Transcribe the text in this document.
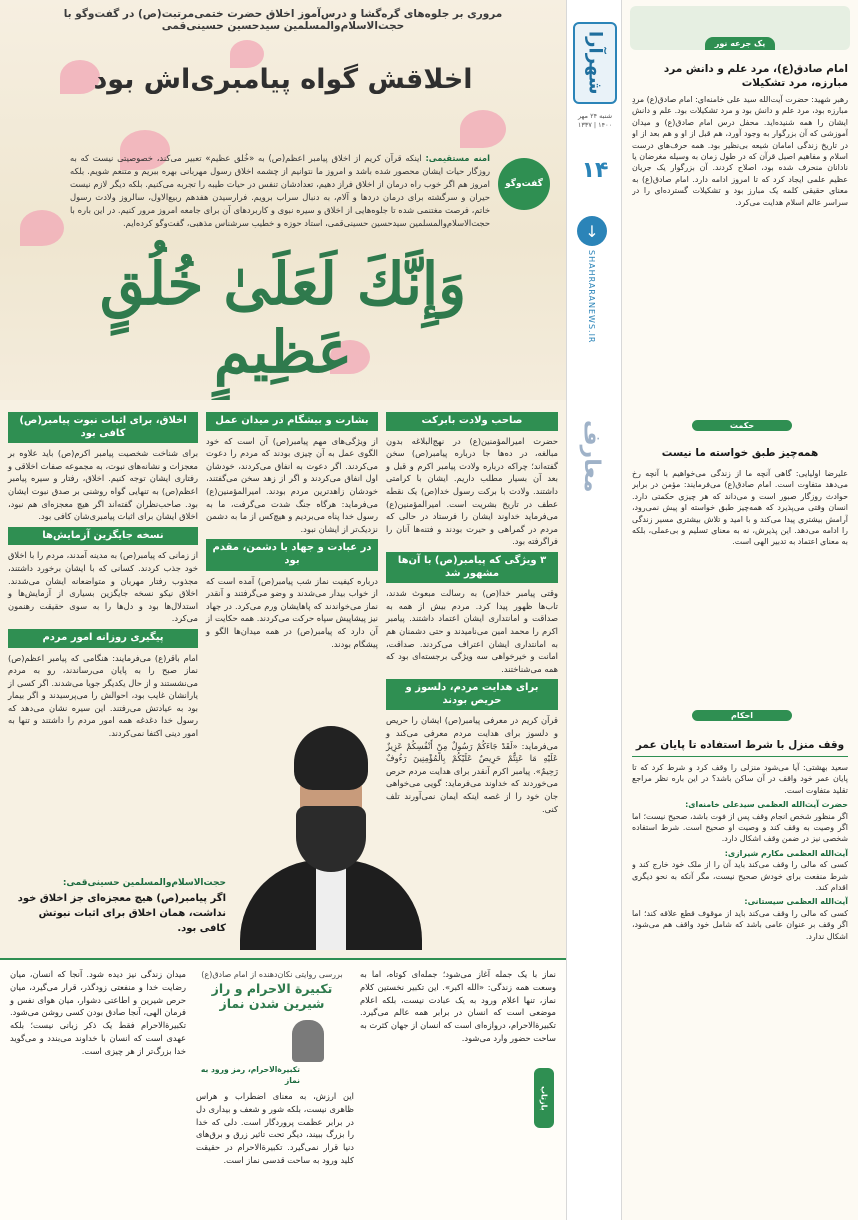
مروری بر جلوه‌های گره‌گشا و درس‌آموز اخلاق حضرت ختمی‌مرتبت(ص) در گفت‌وگو با حجت‌الاسلام‌والمسلمین سیدحسین حسینی‌قمی
اخلاقش گواه پیامبری‌اش بود
گفت‌وگو
امنه مستقیمی: اینکه قرآن کریم از اخلاق پیامبر اعظم(ص) به «خُلق عظیم» تعبیر می‌کند، خصوصیتی نیست که به روزگار حیات ایشان محصور شده باشد و امروز ما نتوانیم از چشمه اخلاق رسول مهربانی بهره ببریم و متنعم شویم. بلکه امروز هم اگر خوب راه درمان از اخلاق فراز دهیم، تعدادشان تنفس در حیات طیبه را تجربه می‌کنیم. بلکه دیگر لازم نیست حیران و سرگشته برای درمان دردها و آلام، به دنبال سراب برویم. فرارسیدن هفدهم ربیع‌الاول، سالروز ولادت رسول خاتم، فرصت مغتنمی شده تا جلوه‌هایی از اخلاق و سیره نبوی و کاربردهای آن برای جامعه امروز مرور کنیم. در این باره با حجت‌الاسلام‌والمسلمین سیدحسین حسینی‌قمی، استاد حوزه و خطیب سرشناس مذهبی، گفت‌وگو کرده‌ایم.
وَإِنَّكَ لَعَلَىٰ خُلُقٍ عَظِيمٍ
صاحب ولادت بابرکت

حضرت امیرالمؤمنین(ع) در نهج‌البلاغه بدون مبالغه، در ده‌ها جا درباره پیامبر(ص) سخن گفته‌اند؛ چراکه درباره ولادت پیامبر اکرم و قبل و بعد آن بسیار مطلب داریم. ایشان با کرامتی داشتند. ولادت با برکت رسول خدا(ص) یک نقطه عطف در تاریخ بشریت است. امیرالمؤمنین(ع) می‌فرماید خداوند ایشان را فرستاد در حالی که مردم در گمراهی و حیرت بودند و فتنه‌ها آنان را فراگرفته بود.

۳ ویژگی که پیامبر(ص) با آن‌ها مشهور شد

وقتی پیامبر خدا(ص) به رسالت مبعوث شدند، تاب‌ها ظهور پیدا کرد. مردم بیش از همه به صداقت و امانتداری ایشان اعتماد داشتند. پیامبر اکرم را محمد امین می‌نامیدند و حتی دشمنان هم به امانتداری ایشان اعتراف می‌کردند. صداقت، امانت و خیرخواهی سه ویژگی برجسته‌ای بود که همه می‌شناختند.

برای هدایت مردم، دلسوز و حریص بودند

قرآن کریم در معرفی پیامبر(ص) ایشان را حریص و دلسوز برای هدایت مردم معرفی می‌کند و می‌فرماید: «لَقَدْ جَاءَكُمْ رَسُولٌ مِنْ أَنْفُسِكُمْ عَزِيزٌ عَلَيْهِ مَا عَنِتُّمْ حَرِيصٌ عَلَيْكُمْ بِالْمُؤْمِنِينَ رَءُوفٌ رَحِيمٌ». پیامبر اکرم آنقدر برای هدایت مردم حرص می‌خوردند که خداوند می‌فرماید: گویی می‌خواهی جان خود را از غصه اینکه ایمان نمی‌آورند تلف کنی.

بشارت و بیشگام در میدان عمل

از ویژگی‌های مهم پیامبر(ص) آن است که خود الگوی عمل به آن چیزی بودند که مردم را دعوت می‌کردند. اگر دعوت به انفاق می‌کردند، خودشان اول انفاق می‌کردند و اگر از زهد سخن می‌گفتند، خودشان زاهدترین مردم بودند. امیرالمؤمنین(ع) می‌فرماید: هرگاه جنگ شدت می‌گرفت، ما به رسول خدا پناه می‌بردیم و هیچ‌کس از ما به دشمن نزدیک‌تر از ایشان نبود.

در عبادت و جهاد با دشمن، مقدم بود

درباره کیفیت نماز شب پیامبر(ص) آمده است که از خواب بیدار می‌شدند و وضو می‌گرفتند و آنقدر نماز می‌خواندند که پاهایشان ورم می‌کرد. در جهاد نیز پیشاپیش سپاه حرکت می‌کردند. همه حکایت از آن دارد که پیامبر(ص) در همه میدان‌ها الگو و پیشگام بودند.

اخلاق، برای اثبات نبوت پیامبر(ص) کافی بود

برای شناخت شخصیت پیامبر اکرم(ص) باید علاوه بر معجزات و نشانه‌های نبوت، به مجموعه صفات اخلاقی و رفتاری ایشان توجه کنیم. اخلاق، رفتار و سیره پیامبر اعظم(ص) به تنهایی گواه روشنی بر صدق نبوت ایشان بود. صاحب‌نظران گفته‌اند اگر هیچ معجزه‌ای هم نبود، اخلاق ایشان برای اثبات پیامبری‌شان کافی بود.

نسخه جایگزین آزمایش‌ها

از زمانی که پیامبر(ص) به مدینه آمدند، مردم را با اخلاق خود جذب کردند. کسانی که با ایشان برخورد داشتند، مجذوب رفتار مهربان و متواضعانه ایشان می‌شدند. اخلاق نیکو نسخه جایگزین بسیاری از آزمایش‌ها و استدلال‌ها بود و دل‌ها را به سوی حقیقت رهنمون می‌کرد.

پیگیری روزانه امور مردم

امام باقر(ع) می‌فرمایند: هنگامی که پیامبر اعظم(ص) نماز صبح را به پایان می‌رساندند، رو به مردم می‌نشستند و از حال یکدیگر جویا می‌شدند. اگر کسی از یارانشان غایب بود، احوالش را می‌پرسیدند و اگر بیمار بود به عیادتش می‌رفتند. این سیره نشان می‌دهد که رسول خدا دغدغه همه امور مردم را داشتند و تنها به امور دینی اکتفا نمی‌کردند.

حجت‌الاسلام‌والمسلمین حسینی‌قمی:
اگر پیامبر(ص) هیچ معجزه‌ای جز اخلاق خود نداشت، همان اخلاق برای اثبات نبوتش کافی بود.
نماز با یک جمله آغاز می‌شود؛ جمله‌ای کوتاه، اما به وسعت همه زندگی: «الله اکبر». این تکبیر نخستین کلام نماز، تنها اعلام ورود به یک عبادت نیست، بلکه اعلام موضعی است که انسان در برابر همه عالم می‌گیرد. تکبیرة‌الاحرام، دروازه‌ای است که انسان از جهان کثرت به ساحت حضور وارد می‌شود.
بررسی روایتی نکان‌دهنده از امام صادق(ع)
تکبیرة الاحرام و راز شیرین شدن نماز
تکبیرة‌الاحرام، رمز ورود به نماز
این ارزش، به معنای اضطراب و هراس ظاهری نیست، بلکه شور و شعف و بیداری دل در برابر عظمت پروردگار است. دلی که خدا را بزرگ ببیند، دیگر تحت تاثیر زرق و برق‌های دنیا قرار نمی‌گیرد. تکبیرة‌الاحرام در حقیقت کلید ورود به ساحت قدسی نماز است.
میدان زندگی نیز دیده شود. آنجا که انسان، میان رضایت خدا و منفعتی زودگذر، قرار می‌گیرد، میان حرص شیرین و اطاعتی دشوار، میان هوای نفس و فرمان الهی، آنجا صادق بودن کسی روشن می‌شود. تکبیرة‌الاحرام فقط یک ذکر زبانی نیست؛ بلکه عهدی است که انسان با خداوند می‌بندد و می‌گوید خدا بزرگ‌تر از هر چیزی است.
بازتاب
شهرآرا
شنبه ۲۴ مهر ۱۴۰۰ | ۱۳۳۷
۱۴
↓
SHAHRARANEWS.IR
معارف
یک جرعه نور
امام صادق(ع)، مرد علم و دانش مرد مبارزه، مرد تشکیلات
رهبر شهید: حضرت آیت‌الله سید علی خامنه‌ای: امام صادق(ع) مردِ مبارزه بود، مرد علم و دانش بود و مرد تشکیلات بود. علم و دانش ایشان را همه شنیده‌اید. محفل درس امام صادق(ع) و میدان آموزشی که آن بزرگوار به وجود آورد، هم قبل از او و هم بعد از او در تاریخ زندگی امامان شیعه بی‌نظیر بود. همه حرف‌های درست اسلام و مفاهیم اصیل قرآن که در طول زمان به وسیله مغرضان یا نادانان منحرف شده بود، اصلاح کردند. آن بزرگوار یک جریان عظیم علمی ایجاد کرد که تا امروز ادامه دارد. امام صادق(ع) به معنای حقیقی کلمه یک مبارز بود و تشکیلات گسترده‌ای را در سراسر عالم اسلام هدایت می‌کرد.
حکمت
همه‌چیز طبق خواسته ما نیست
علیرضا اولیایی: گاهی آنچه ما از زندگی می‌خواهیم با آنچه رخ می‌دهد متفاوت است. امام صادق(ع) می‌فرمایند: مؤمن در برابر حوادث روزگار صبور است و می‌داند که هر چیزی حکمتی دارد. انسان وقتی می‌پذیرد که همه‌چیز طبق خواسته او پیش نمی‌رود، آرامش بیشتری پیدا می‌کند و با امید و تلاش بیشتری مسیر زندگی را ادامه می‌دهد. این پذیرش، نه به معنای تسلیم و بی‌عملی، بلکه به معنای اعتماد به تدبیر الهی است.
احکام
وقف منزل با شرط استفاده تا پایان عمر
سعید بهشتی: آیا می‌شود منزلی را وقف کرد و شرط کرد که تا پایان عمر خود واقف در آن ساکن باشد؟ در این باره نظر مراجع تقلید متفاوت است.
حضرت آیت‌الله العظمی سیدعلی خامنه‌ای:
اگر منظور شخص انجام وقف پس از فوت باشد، صحیح نیست؛ اما اگر وصیت به وقف کند و وصیت او صحیح است. شرط استفاده شخصی نیز در ضمن وقف اشکال دارد.
آیت‌الله العظمی مکارم شیرازی:
کسی که مالی را وقف می‌کند باید آن را از ملک خود خارج کند و شرط منفعت برای خودش صحیح نیست، مگر آنکه به نحو دیگری اقدام کند.
آیت‌الله العظمی سیستانی:
کسی که مالی را وقف می‌کند باید از موقوف قطع علاقه کند؛ اما اگر وقف بر عنوان عامی باشد که شامل خود واقف هم می‌شود، اشکال ندارد.
